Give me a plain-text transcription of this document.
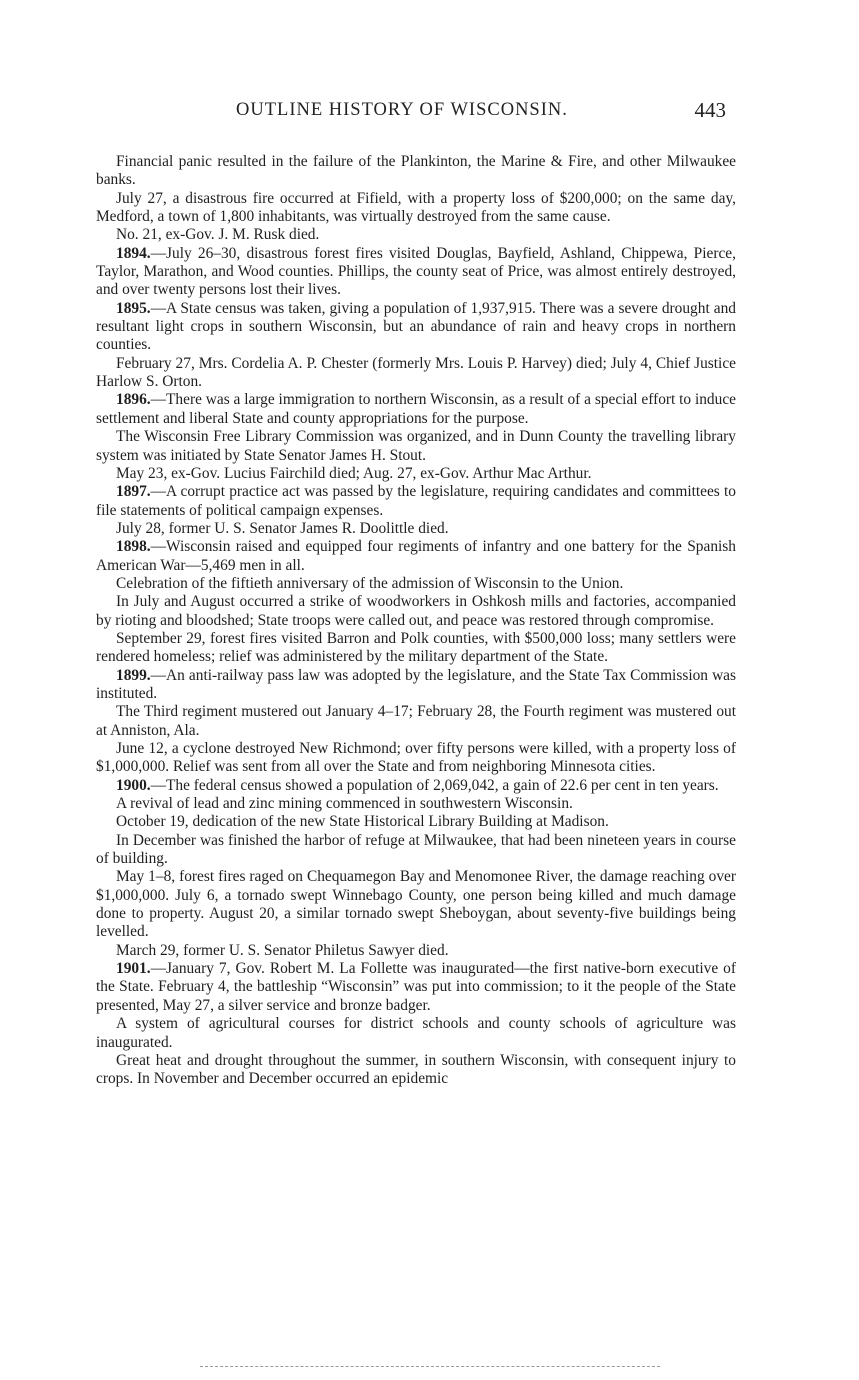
OUTLINE HISTORY OF WISCONSIN.	443

Financial panic resulted in the failure of the Plankinton, the Marine & Fire, and other Milwaukee banks.

July 27, a disastrous fire occurred at Fifield, with a property loss of $200,000; on the same day, Medford, a town of 1,800 inhabitants, was virtually destroyed from the same cause.

No. 21, ex-Gov. J. M. Rusk died.

1894.—July 26–30, disastrous forest fires visited Douglas, Bayfield, Ashland, Chippewa, Pierce, Taylor, Marathon, and Wood counties. Phillips, the county seat of Price, was almost entirely destroyed, and over twenty persons lost their lives.

1895.—A State census was taken, giving a population of 1,937,915. There was a severe drought and resultant light crops in southern Wisconsin, but an abundance of rain and heavy crops in northern counties.

February 27, Mrs. Cordelia A. P. Chester (formerly Mrs. Louis P. Harvey) died; July 4, Chief Justice Harlow S. Orton.

1896.—There was a large immigration to northern Wisconsin, as a result of a special effort to induce settlement and liberal State and county appropriations for the purpose.

The Wisconsin Free Library Commission was organized, and in Dunn County the travelling library system was initiated by State Senator James H. Stout.

May 23, ex-Gov. Lucius Fairchild died; Aug. 27, ex-Gov. Arthur Mac Arthur.

1897.—A corrupt practice act was passed by the legislature, requiring candidates and committees to file statements of political campaign expenses.

July 28, former U. S. Senator James R. Doolittle died.

1898.—Wisconsin raised and equipped four regiments of infantry and one battery for the Spanish American War—5,469 men in all.

Celebration of the fiftieth anniversary of the admission of Wisconsin to the Union.

In July and August occurred a strike of woodworkers in Oshkosh mills and factories, accompanied by rioting and bloodshed; State troops were called out, and peace was restored through compromise.

September 29, forest fires visited Barron and Polk counties, with $500,000 loss; many settlers were rendered homeless; relief was administered by the military department of the State.

1899.—An anti-railway pass law was adopted by the legislature, and the State Tax Commission was instituted.

The Third regiment mustered out January 4–17; February 28, the Fourth regiment was mustered out at Anniston, Ala.

June 12, a cyclone destroyed New Richmond; over fifty persons were killed, with a property loss of $1,000,000. Relief was sent from all over the State and from neighboring Minnesota cities.

1900.—The federal census showed a population of 2,069,042, a gain of 22.6 per cent in ten years.

A revival of lead and zinc mining commenced in southwestern Wisconsin.

October 19, dedication of the new State Historical Library Building at Madison.

In December was finished the harbor of refuge at Milwaukee, that had been nineteen years in course of building.

May 1–8, forest fires raged on Chequamegon Bay and Menomonee River, the damage reaching over $1,000,000. July 6, a tornado swept Winnebago County, one person being killed and much damage done to property. August 20, a similar tornado swept Sheboygan, about seventy-five buildings being levelled.

March 29, former U. S. Senator Philetus Sawyer died.

1901.—January 7, Gov. Robert M. La Follette was inaugurated—the first native-born executive of the State. February 4, the battleship “Wisconsin” was put into commission; to it the people of the State presented, May 27, a silver service and bronze badger.

A system of agricultural courses for district schools and county schools of agriculture was inaugurated.

Great heat and drought throughout the summer, in southern Wisconsin, with consequent injury to crops. In November and December occurred an epidemic
